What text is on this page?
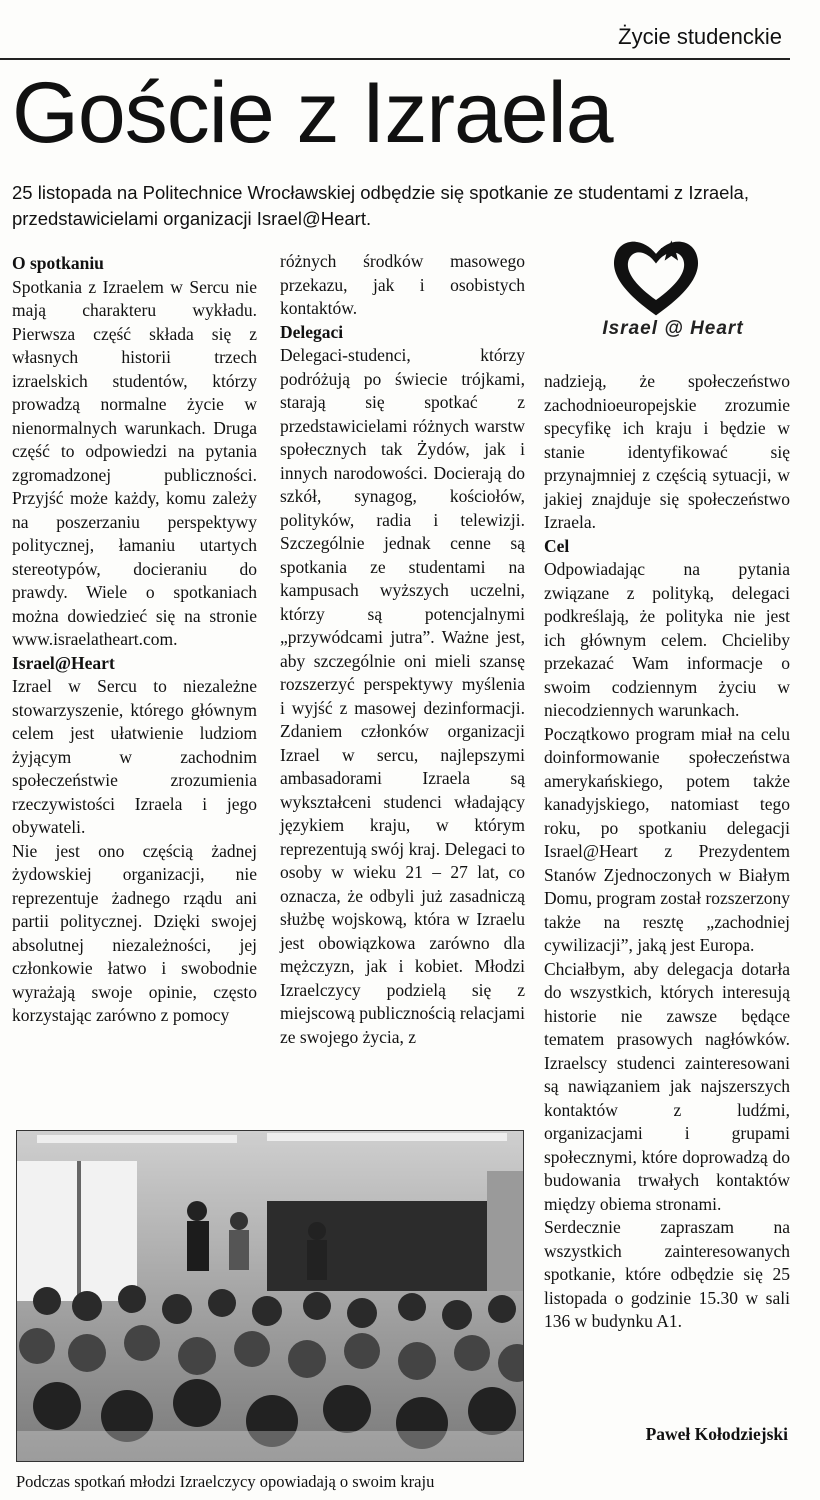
Życie studenckie
Goście z Izraela

25 listopada na Politechnice Wrocławskiej odbędzie się spotkanie ze studentami z Izraela, przedstawicielami organizacji Israel@Heart.

O spotkaniu

Spotkania z Izraelem w Sercu nie mają charakteru wykładu. Pierwsza część składa się z własnych historii trzech izraelskich studentów, którzy prowadzą normalne życie w nienormalnych warunkach. Druga część to odpowiedzi na pytania zgromadzonej publiczności. Przyjść może każdy, komu zależy na poszerzaniu perspektywy politycznej, łamaniu utartych stereotypów, docieraniu do prawdy. Wiele o spotkaniach można dowiedzieć się na stronie www.israelatheart.com.

Israel@Heart

Izrael w Sercu to niezależne stowarzyszenie, którego głównym celem jest ułatwienie ludziom żyjącym w zachodnim społeczeństwie zrozumienia rzeczywistości Izraela i jego obywateli.

Nie jest ono częścią żadnej żydowskiej organizacji, nie reprezentuje żadnego rządu ani partii politycznej. Dzięki swojej absolutnej niezależności, jej członkowie łatwo i swobodnie wyrażają swoje opinie, często korzystając zarówno z pomocy

różnych środków masowego przekazu, jak i osobistych kontaktów.

Delegaci

Delegaci-studenci, którzy podróżują po świecie trójkami, starają się spotkać z przedstawicielami różnych warstw społecznych tak Żydów, jak i innych narodowości. Docierają do szkół, synagog, kościołów, polityków, radia i telewizji. Szczególnie jednak cenne są spotkania ze studentami na kampusach wyższych uczelni, którzy są potencjalnymi „przywódcami jutra”. Ważne jest, aby szczególnie oni mieli szansę rozszerzyć perspektywy myślenia i wyjść z masowej dezinformacji. Zdaniem członków organizacji Izrael w sercu, najlepszymi ambasadorami Izraela są wykształceni studenci władający językiem kraju, w którym reprezentują swój kraj. Delegaci to osoby w wieku 21 – 27 lat, co oznacza, że odbyli już zasadniczą służbę wojskową, która w Izraelu jest obowiązkowa zarówno dla mężczyzn, jak i kobiet. Młodzi Izraelczycy podzielą się z miejscową publicznością relacjami ze swojego życia, z

Israel @ Heart

nadzieją, że społeczeństwo zachodnioeuropejskie zrozumie specyfikę ich kraju i będzie w stanie identyfikować się przynajmniej z częścią sytuacji, w jakiej znajduje się społeczeństwo Izraela.

Cel

Odpowiadając na pytania związane z polityką, delegaci podkreślają, że polityka nie jest ich głównym celem. Chcieliby przekazać Wam informacje o swoim codziennym życiu w niecodziennych warunkach.

Początkowo program miał na celu doinformowanie społeczeństwa amerykańskiego, potem także kanadyjskiego, natomiast tego roku, po spotkaniu delegacji Israel@Heart z Prezydentem Stanów Zjednoczonych w Białym Domu, program został rozszerzony także na resztę „zachodniej cywilizacji”, jaką jest Europa.

Chciałbym, aby delegacja dotarła do wszystkich, których interesują historie nie zawsze będące tematem prasowych nagłówków. Izraelscy studenci zainteresowani są nawiązaniem jak najszerszych kontaktów z ludźmi, organizacjami i grupami społecznymi, które doprowadzą do budowania trwałych kontaktów między obiema stronami.

Serdecznie zapraszam na wszystkich zainteresowanych spotkanie, które odbędzie się 25 listopada o godzinie 15.30 w sali 136 w budynku A1.

Podczas spotkań młodzi Izraelczycy opowiadają o swoim kraju
Paweł Kołodziejski
